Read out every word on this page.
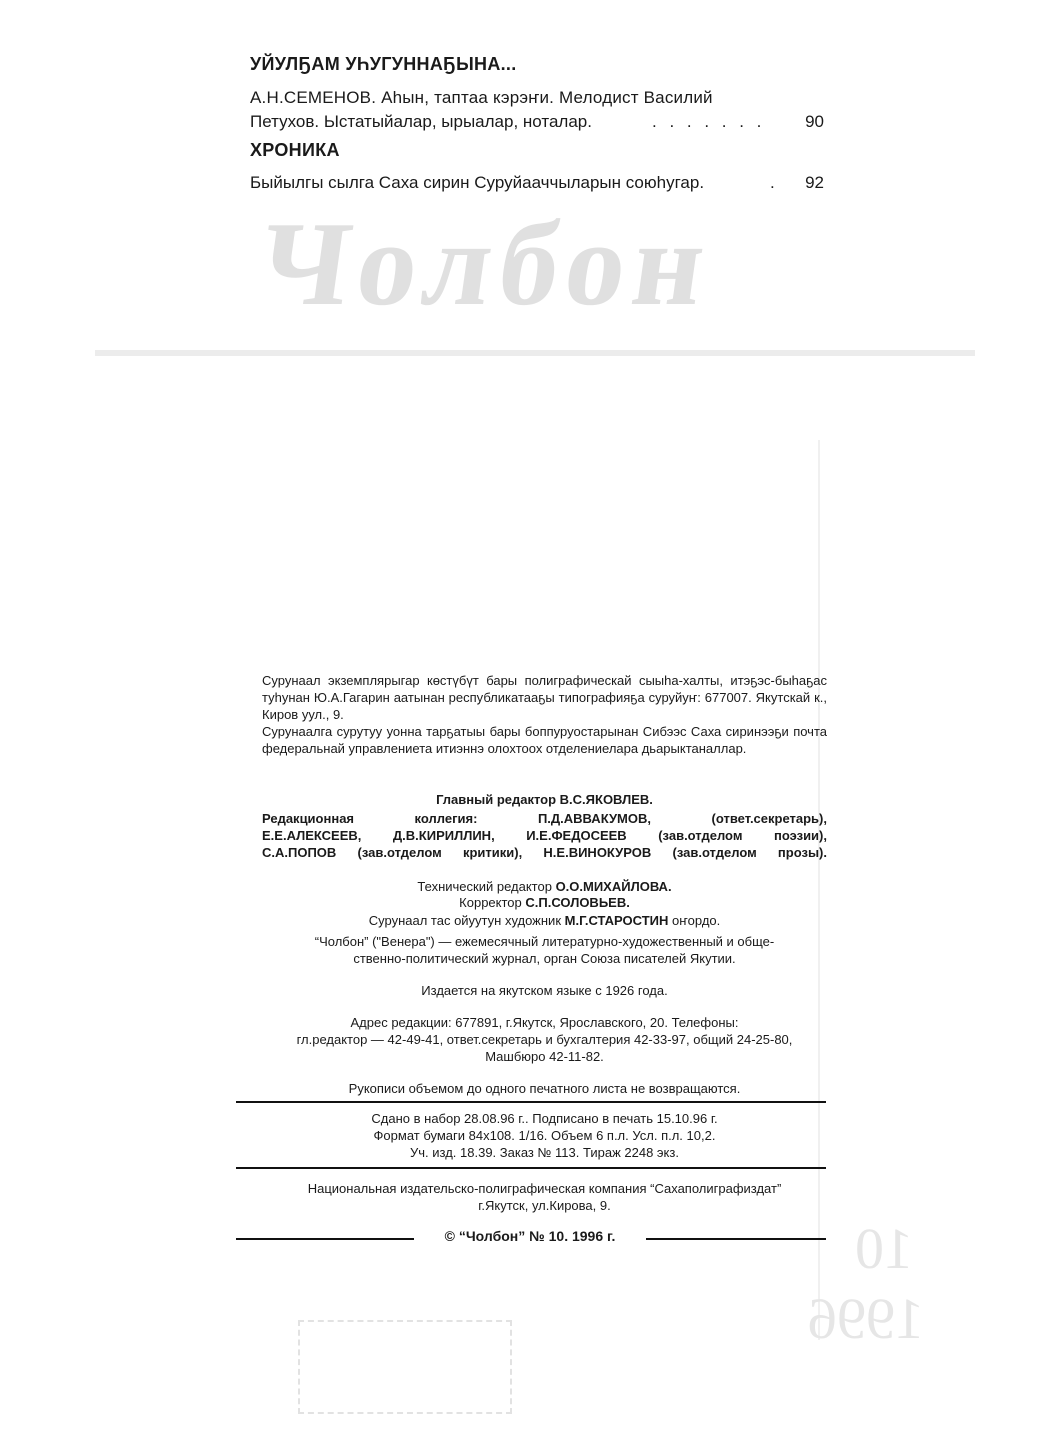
Чолбон
10
1996
УЙУЛҔАМ УҺУГУННАҔЫНА...
А.Н.СЕМЕНОВ. Аhын, таптаа кэрэҥи. Мелодист Василий
Петухов. Ыстатыйалар, ырыалар, ноталар.	. . . . . . . 90
ХРОНИКА
Быйылгы сылга Саха сирин Суруйааччыларын союhугар.	. 92
Сурунаал экземплярыгар көстүбүт бары полиграфическай сыыhа-халты, итэҕэс-быhаҕас туhунан Ю.А.Гагарин аатынан республикатааҕы типографияҕа суруйуҥ: 677007. Якутскай к., Киров уул., 9.
Сурунаалга сурутуу уонна тарҕатыы бары боппуруостарынан Сибээс Саха сиринээҕи почта федеральнай управлениета итиэннэ олохтоох отделениелара дьарыктаналлар.
Главный редактор В.С.ЯКОВЛЕВ.
Редакционная коллегия: П.Д.АВВАКУМОВ, (ответ.секретарь),
Е.Е.АЛЕКСЕЕВ, Д.В.КИРИЛЛИН, И.Е.ФЕДОСЕЕВ (зав.отделом поэзии),
С.А.ПОПОВ (зав.отделом критики), Н.Е.ВИНОКУРОВ (зав.отделом прозы).
Технический редактор О.О.МИХАЙЛОВА.
Корректор С.П.СОЛОВЬЕВ.
Сурунаал тас ойуутун художник М.Г.СТАРОСТИН оҥордо.
“Чолбон” ("Венера") — ежемесячный литературно-художественный и обще-
ственно-политический журнал, орган Союза писателей Якутии.
Издается на якутском языке с 1926 года.
Адрес редакции: 677891, г.Якутск, Ярославского, 20. Телефоны:
гл.редактор — 42-49-41, ответ.секретарь и бухгалтерия 42-33-97, общий 24-25-80,
Машбюро 42-11-82.
Рукописи объемом до одного печатного листа не возвращаются.
Сдано в набор 28.08.96 г.. Подписано в печать 15.10.96 г.
Формат бумаги 84x108. 1/16. Объем 6 п.л. Усл. п.л. 10,2.
Уч. изд. 18.39. Заказ № 113. Тираж 2248 экз.
Национальная издательско-полиграфическая компания “Сахаполиграфиздат”
г.Якутск, ул.Кирова, 9.
© “Чолбон” № 10. 1996 г.
